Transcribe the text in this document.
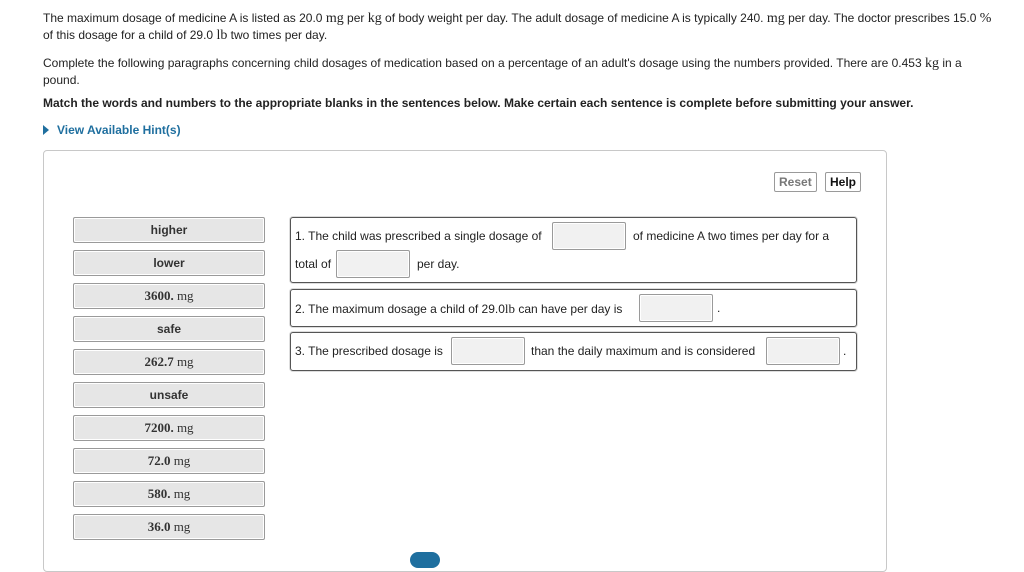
The maximum dosage of medicine A is listed as 20.0 mg per kg of body weight per day. The adult dosage of medicine A is typically 240. mg per day. The doctor prescribes 15.0 % of this dosage for a child of 29.0 lb two times per day.

Complete the following paragraphs concerning child dosages of medication based on a percentage of an adult's dosage using the numbers provided. There are 0.453 kg in a pound.

Match the words and numbers to the appropriate blanks in the sentences below. Make certain each sentence is complete before submitting your answer.

View Available Hint(s)
Reset	Help
higher
lower
3600. mg
safe
262.7 mg
unsafe
7200. mg
72.0 mg
580. mg
36.0 mg
1. The child was prescribed a single dosage of	of medicine A two times per day for a
total of	per day.
2. The maximum dosage a child of 29.0lb can have per day is	.
3. The prescribed dosage is	than the daily maximum and is considered	.
